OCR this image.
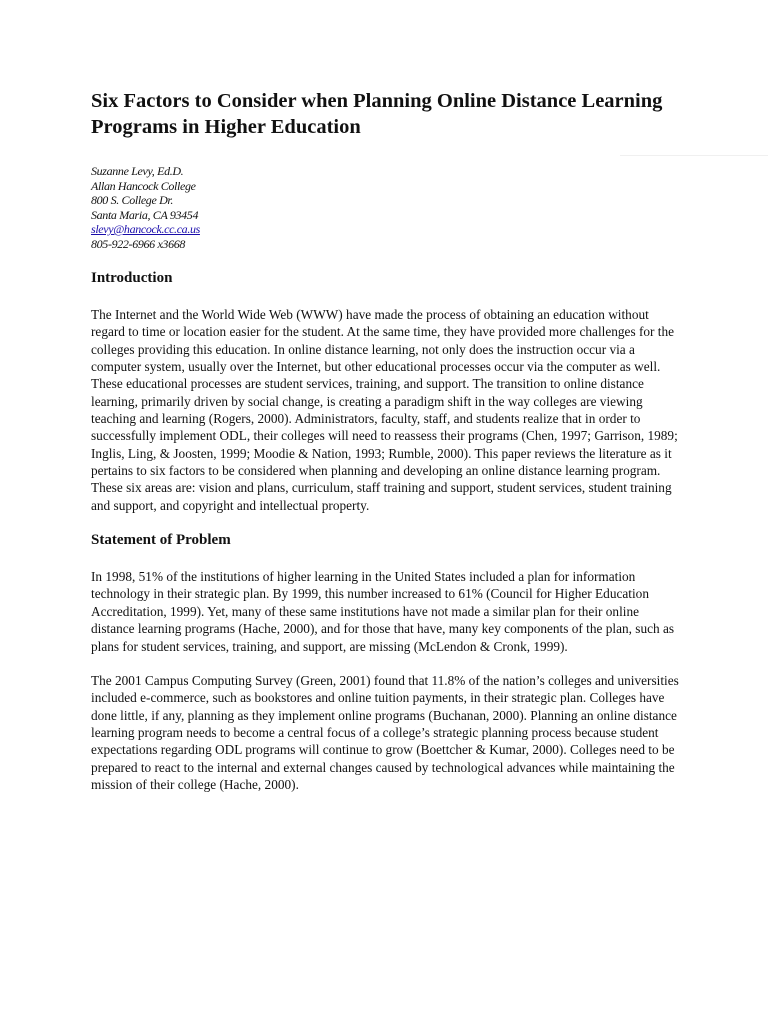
Six Factors to Consider when Planning Online Distance Learning Programs in Higher Education
Suzanne Levy, Ed.D.
Allan Hancock College
800 S. College Dr.
Santa Maria, CA 93454
slevy@hancock.cc.ca.us
805-922-6966 x3668
Introduction

The Internet and the World Wide Web (WWW) have made the process of obtaining an education without regard to time or location easier for the student. At the same time, they have provided more challenges for the colleges providing this education. In online distance learning, not only does the instruction occur via a computer system, usually over the Internet, but other educational processes occur via the computer as well. These educational processes are student services, training, and support. The transition to online distance learning, primarily driven by social change, is creating a paradigm shift in the way colleges are viewing teaching and learning (Rogers, 2000). Administrators, faculty, staff, and students realize that in order to successfully implement ODL, their colleges will need to reassess their programs (Chen, 1997; Garrison, 1989; Inglis, Ling, & Joosten, 1999; Moodie & Nation, 1993; Rumble, 2000). This paper reviews the literature as it pertains to six factors to be considered when planning and developing an online distance learning program. These six areas are: vision and plans, curriculum, staff training and support, student services, student training and support, and copyright and intellectual property.

Statement of Problem

In 1998, 51% of the institutions of higher learning in the United States included a plan for information technology in their strategic plan. By 1999, this number increased to 61% (Council for Higher Education Accreditation, 1999). Yet, many of these same institutions have not made a similar plan for their online distance learning programs (Hache, 2000), and for those that have, many key components of the plan, such as plans for student services, training, and support, are missing (McLendon & Cronk, 1999).

The 2001 Campus Computing Survey (Green, 2001) found that 11.8% of the nation’s colleges and universities included e-commerce, such as bookstores and online tuition payments, in their strategic plan. Colleges have done little, if any, planning as they implement online programs (Buchanan, 2000). Planning an online distance learning program needs to become a central focus of a college’s strategic planning process because student expectations regarding ODL programs will continue to grow (Boettcher & Kumar, 2000). Colleges need to be prepared to react to the internal and external changes caused by technological advances while maintaining the mission of their college (Hache, 2000).
